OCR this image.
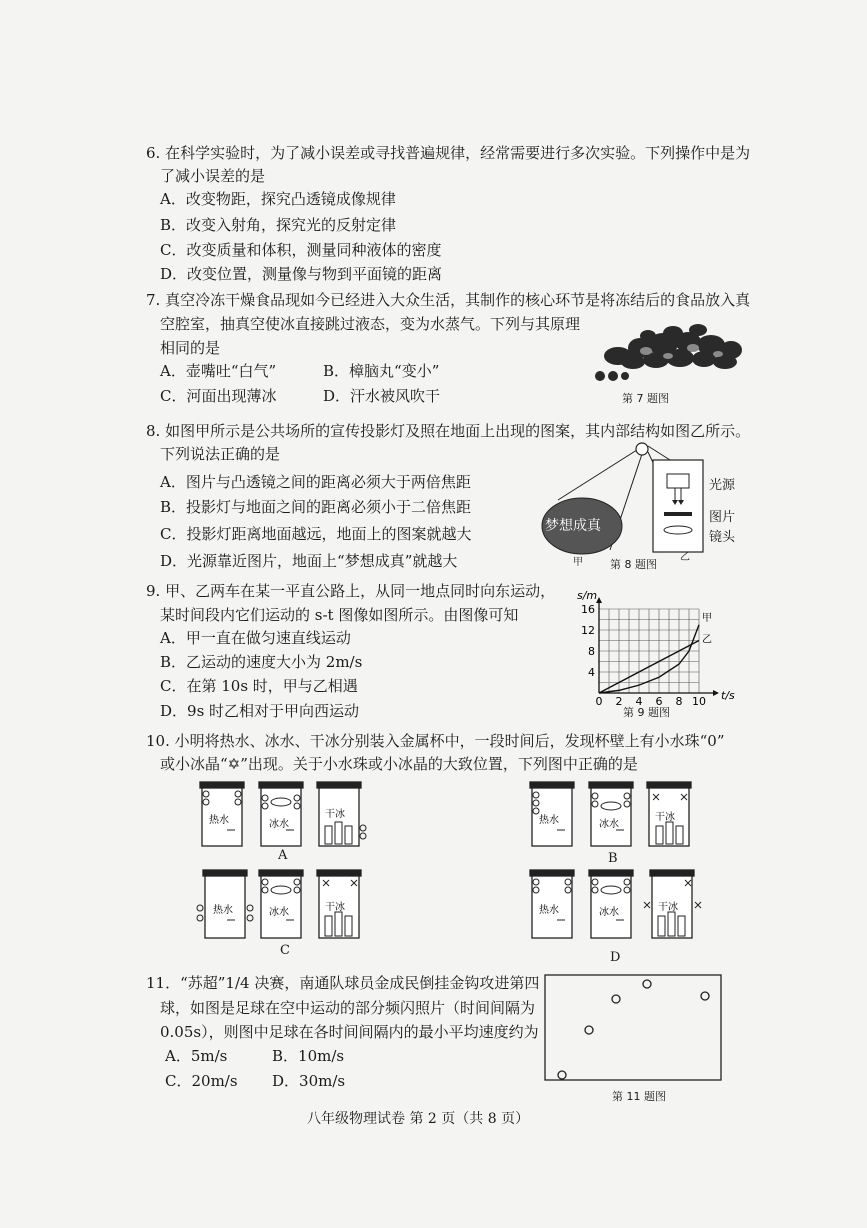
6. 在科学实验时，为了减小误差或寻找普遍规律，经常需要进行多次实验。下列操作中是为
了减小误差的是
A．改变物距，探究凸透镜成像规律
B．改变入射角，探究光的反射定律
C．改变质量和体积，测量同种液体的密度
D．改变位置，测量像与物到平面镜的距离
7. 真空冷冻干燥食品现如今已经进入大众生活，其制作的核心环节是将冻结后的食品放入真
空腔室，抽真空使冰直接跳过液态，变为水蒸气。下列与其原理
相同的是
A．壶嘴吐“白气”	B．樟脑丸“变小”
C．河面出现薄冰	D．汗水被风吹干	第 7 题图
8. 如图甲所示是公共场所的宣传投影灯及照在地面上出现的图案，其内部结构如图乙所示。
下列说法正确的是
A．图片与凸透镜之间的距离必须大于两倍焦距
B．投影灯与地面之间的距离必须小于二倍焦距
C．投影灯距离地面越远，地面上的图案就越大
D．光源靠近图片，地面上“梦想成真”就越大
梦想成真
甲	乙
光源
图片
镜头
第 8 题图
9. 甲、乙两车在某一平直公路上，从同一地点同时向东运动，
某时间段内它们运动的 s-t 图像如图所示。由图像可知
A．甲一直在做匀速直线运动
B．乙运动的速度大小为 2m/s
C．在第 10s 时，甲与乙相遇
D．9s 时乙相对于甲向西运动
0 2 4 6 8 10
4
8
12
16
s/m
t/s
甲
乙
第 9 题图
10. 小明将热水、冰水、干冰分别装入金属杯中，一段时间后，发现杯壁上有小水珠“0”
或小冰晶“✡”出现。关于小水珠或小冰晶的大致位置，下列图中正确的是
热水	冰水
干冰
A
热水	冰水
干冰
B
热水	冰水	干冰
C
热水	冰水	干冰
D
11．“苏超”1/4 决赛，南通队球员金成民倒挂金钩攻进第四
球，如图是足球在空中运动的部分频闪照片（时间间隔为
0.05s），则图中足球在各时间间隔内的最小平均速度约为
A．5m/s	B．10m/s
C．20m/s D．30m/s
第 11 题图
八年级物理试卷 第 2 页（共 8 页）
